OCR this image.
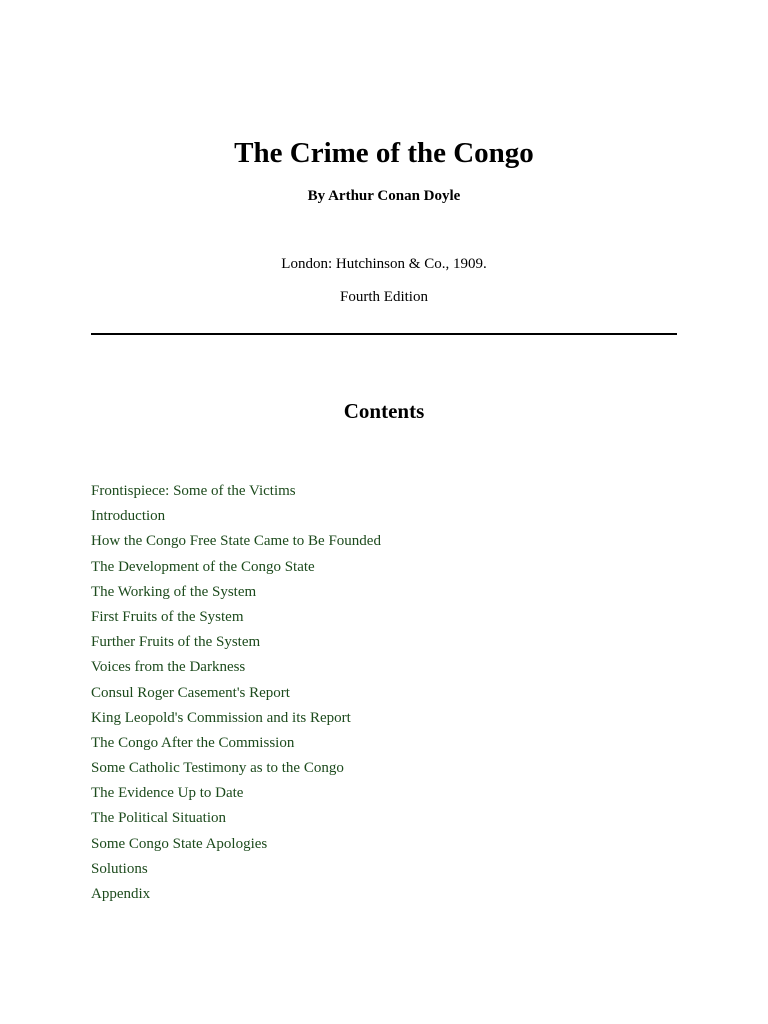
The Crime of the Congo
By Arthur Conan Doyle
London: Hutchinson & Co., 1909.
Fourth Edition
Contents
Frontispiece: Some of the Victims
Introduction
How the Congo Free State Came to Be Founded
The Development of the Congo State
The Working of the System
First Fruits of the System
Further Fruits of the System
Voices from the Darkness
Consul Roger Casement's Report
King Leopold's Commission and its Report
The Congo After the Commission
Some Catholic Testimony as to the Congo
The Evidence Up to Date
The Political Situation
Some Congo State Apologies
Solutions
Appendix
